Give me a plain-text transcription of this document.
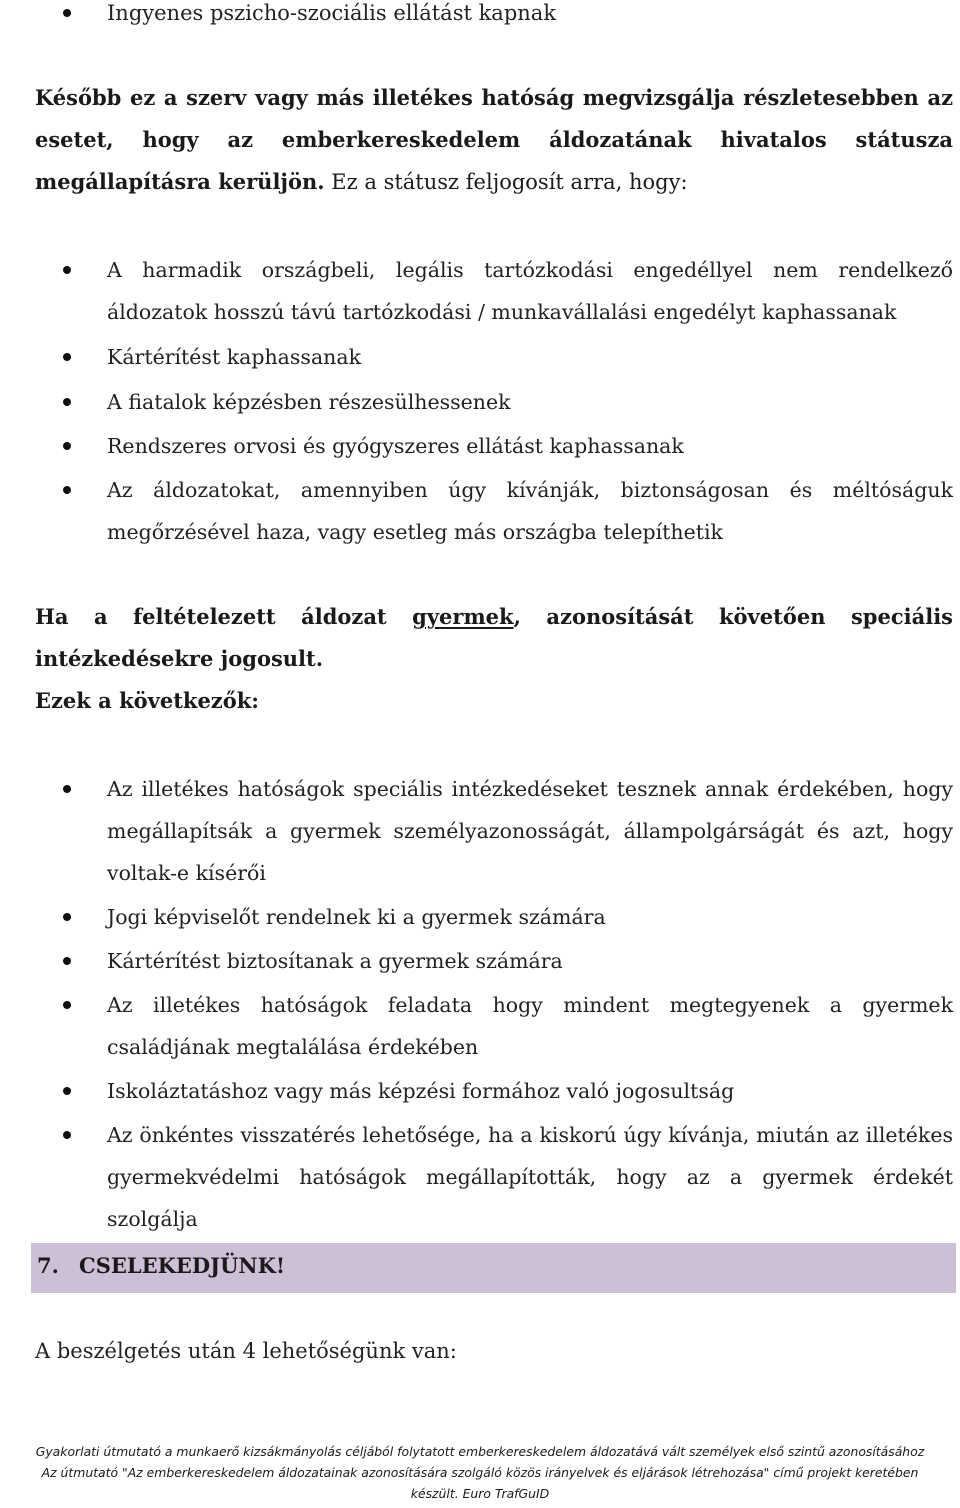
Ingyenes pszicho-szociális ellátást kapnak
Később ez a szerv vagy más illetékes hatóság megvizsgálja részletesebben az
esetet, hogy az emberkereskedelem áldozatának hivatalos státusza
megállapításra kerüljön. Ez a státusz feljogosít arra, hogy:
A harmadik országbeli, legális tartózkodási engedéllyel nem rendelkező áldozatok hosszú távú tartózkodási / munkavállalási engedélyt kaphassanak
Kártérítést kaphassanak
A fiatalok képzésben részesülhessenek
Rendszeres orvosi és gyógyszeres ellátást kaphassanak
Az áldozatokat, amennyiben úgy kívánják, biztonságosan és méltóságuk megőrzésével haza, vagy esetleg más országba telepíthetik
Ha a feltételezett áldozat gyermek, azonosítását követően speciális
intézkedésekre jogosult.
Ezek a következők:
Az illetékes hatóságok speciális intézkedéseket tesznek annak érdekében, hogy megállapítsák a gyermek személyazonosságát, állampolgárságát és azt, hogy voltak-e kísérői
Jogi képviselőt rendelnek ki a gyermek számára
Kártérítést biztosítanak a gyermek számára
Az illetékes hatóságok feladata hogy mindent megtegyenek a gyermek családjának megtalálása érdekében
Iskoláztatáshoz vagy más képzési formához való jogosultság
Az önkéntes visszatérés lehetősége, ha a kiskorú úgy kívánja, miután az illetékes gyermekvédelmi hatóságok megállapították, hogy az a gyermek érdekét szolgálja
7. CSELEKEDJÜNK!
A beszélgetés után 4 lehetőségünk van:
Gyakorlati útmutató a munkaerő kizsákmányolás céljából folytatott emberkereskedelem áldozatává vált személyek első szintű azonosításához
Az útmutató "Az emberkereskedelem áldozatainak azonosítására szolgáló közös irányelvek és eljárások létrehozása" című projekt keretében
készült. Euro TrafGuID
